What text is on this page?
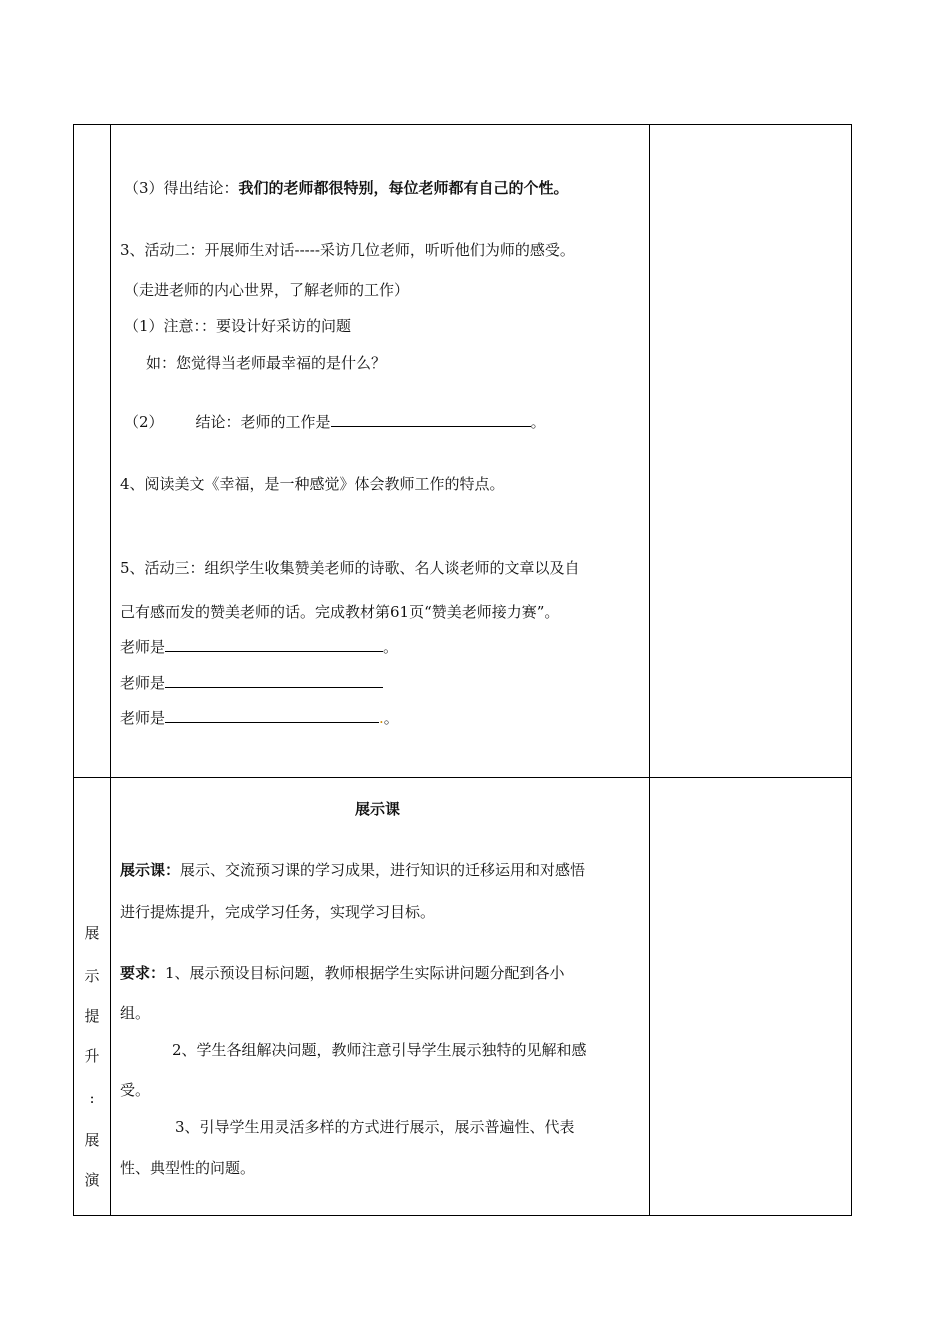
（3）得出结论：我们的老师都很特别，每位老师都有自己的个性。
3、活动二：开展师生对话-----采访几位老师，听听他们为师的感受。
（走进老师的内心世界，了解老师的工作）
（1）注意：：要设计好采访的问题
如：您觉得当老师最幸福的是什么？
（2） 结论：老师的工作是	。
4、阅读美文《幸福，是一种感觉》体会教师工作的特点。
5、活动三：组织学生收集赞美老师的诗歌、名人谈老师的文章以及自
己有感而发的赞美老师的话。完成教材第61页“赞美老师接力赛”。
老师是	。
老师是
老师是	.。
展
示
提
升
:
展
演
展示课
展示课：展示、交流预习课的学习成果，进行知识的迁移运用和对感悟
进行提炼提升，完成学习任务，实现学习目标。
要求：1、展示预设目标问题，教师根据学生实际讲问题分配到各小
组。
2、学生各组解决问题，教师注意引导学生展示独特的见解和感
受。
3、引导学生用灵活多样的方式进行展示，展示普遍性、代表
性、典型性的问题。
